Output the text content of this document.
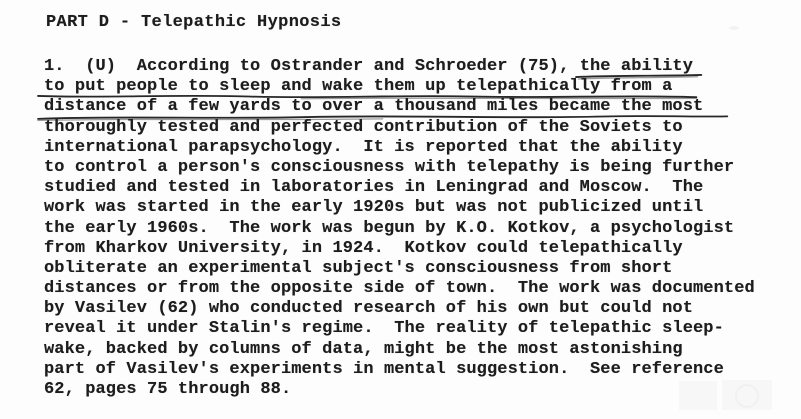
PART D - Telepathic Hypnosis
1.  (U)  According to Ostrander and Schroeder (75), the ability
to put people to sleep and wake them up telepathically from a
distance of a few yards to over a thousand miles became the most
thoroughly tested and perfected contribution of the Soviets to
international parapsychology.  It is reported that the ability
to control a person's consciousness with telepathy is being further
studied and tested in laboratories in Leningrad and Moscow.  The
work was started in the early 1920s but was not publicized until
the early 1960s.  The work was begun by K.O. Kotkov, a psychologist
from Kharkov University, in 1924.  Kotkov could telepathically
obliterate an experimental subject's consciousness from short
distances or from the opposite side of town.  The work was documented
by Vasilev (62) who conducted research of his own but could not
reveal it under Stalin's regime.  The reality of telepathic sleep-
wake, backed by columns of data, might be the most astonishing
part of Vasilev's experiments in mental suggestion.  See reference
62, pages 75 through 88.
